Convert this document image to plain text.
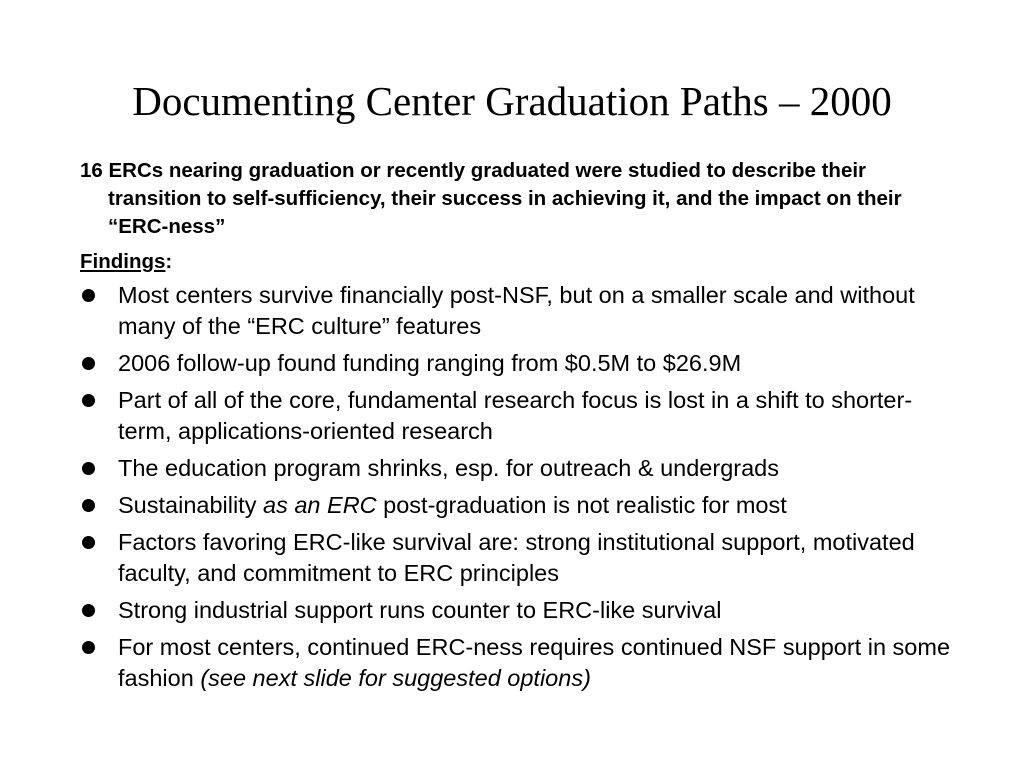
Documenting Center Graduation Paths – 2000

16 ERCs nearing graduation or recently graduated were studied to describe their transition to self-sufficiency, their success in achieving it, and the impact on their “ERC-ness”

Findings:
Most centers survive financially post-NSF, but on a smaller scale and without many of the “ERC culture” features
2006 follow-up found funding ranging from $0.5M to $26.9M
Part of all of the core, fundamental research focus is lost in a shift to shorter-term, applications-oriented research
The education program shrinks, esp. for outreach & undergrads
Sustainability as an ERC post-graduation is not realistic for most
Factors favoring ERC-like survival are: strong institutional support, motivated faculty, and commitment to ERC principles
Strong industrial support runs counter to ERC-like survival
For most centers, continued ERC-ness requires continued NSF support in some fashion (see next slide for suggested options)
